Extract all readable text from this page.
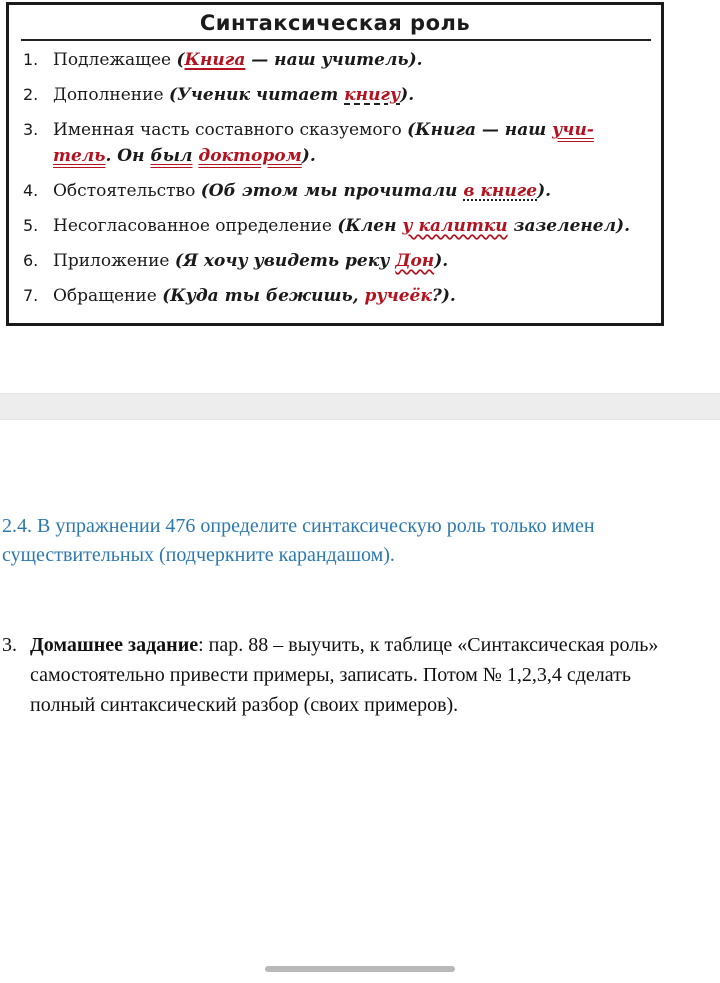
Синтаксическая роль
1. Подлежащее (Книга — наш учитель).
2. Дополнение (Ученик читает книгу).
3. Именная часть составного сказуемого (Книга — наш учи-
тель. Он был доктором).
4. Обстоятельство (Об этом мы прочитали в книге).
5. Несогласованное определение (Клен у калитки зазеленел).
6. Приложение (Я хочу увидеть реку Дон).
7. Обращение (Куда ты бежишь, ручеёк?).
2.4. В упражнении 476 определите синтаксическую роль только имен
существительных (подчеркните карандашом).
3. Домашнее задание: пар. 88 – выучить, к таблице «Синтаксическая роль»
самостоятельно привести примеры, записать. Потом № 1,2,3,4 сделать
полный синтаксический разбор (своих примеров).
